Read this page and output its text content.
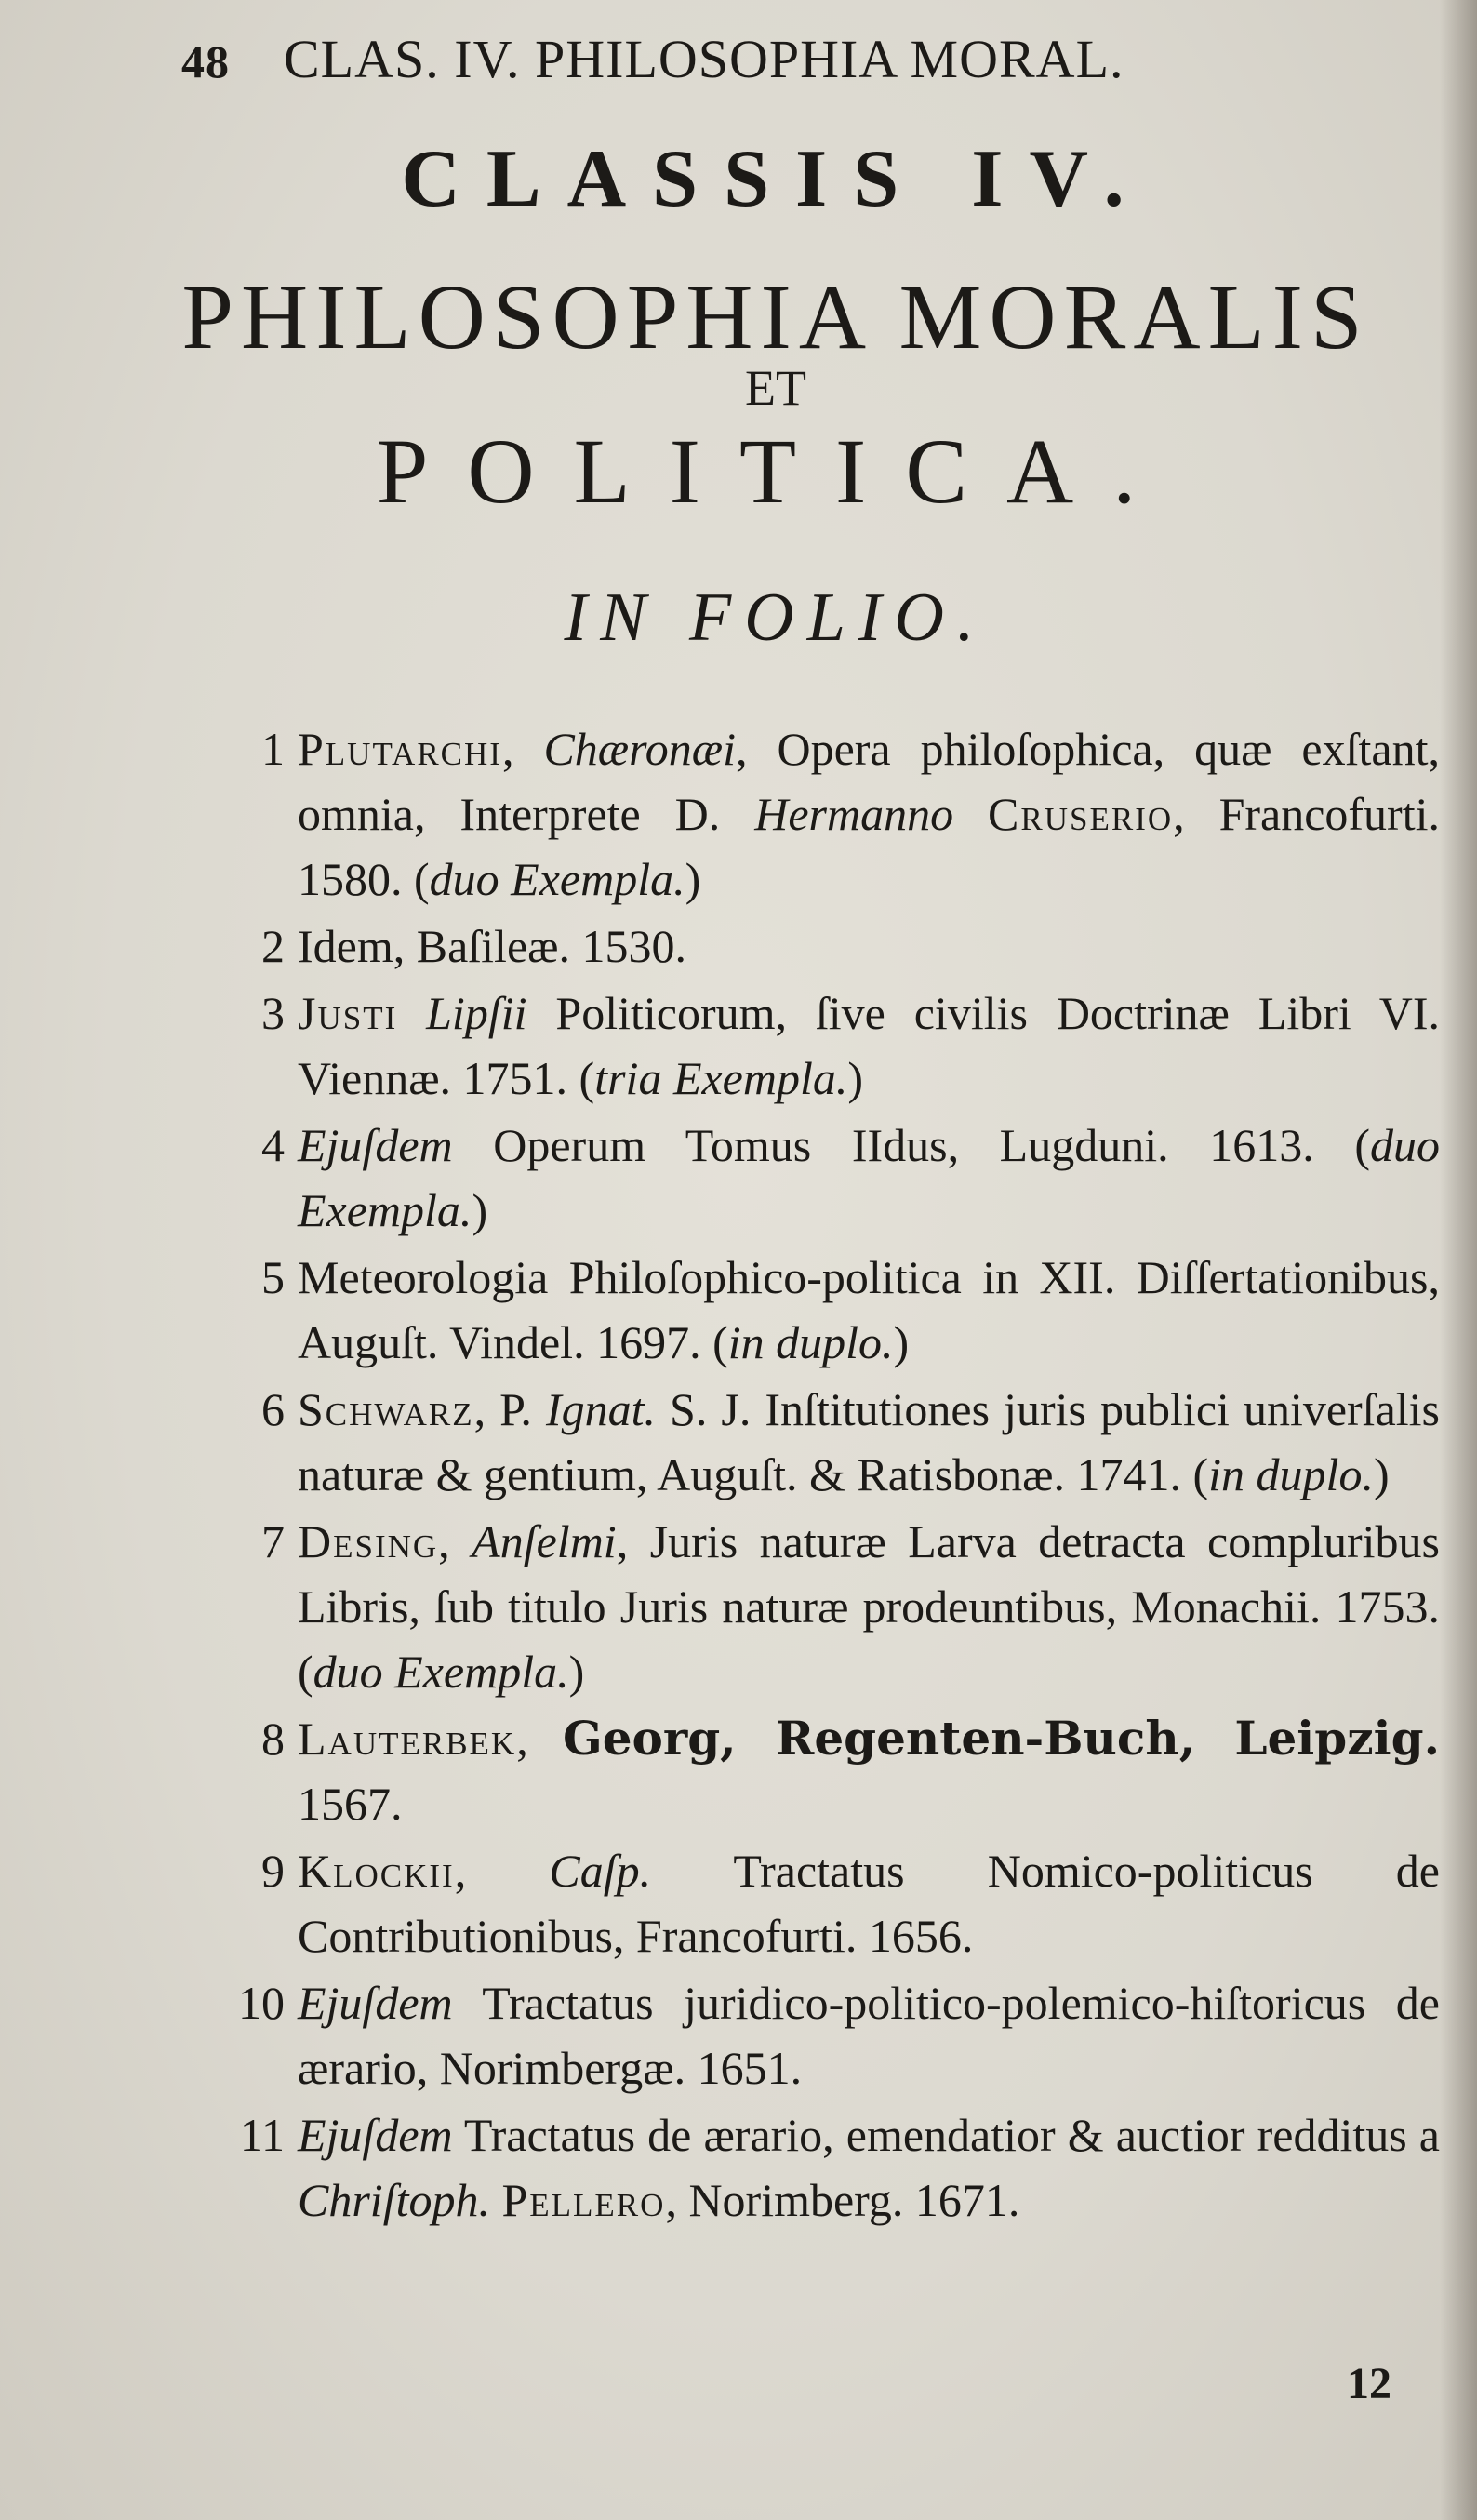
48	CLAS. IV. PHILOSOPHIA MORAL.
CLASSIS IV.
PHILOSOPHIA MORALIS
ET
POLITICA.
IN FOLIO.
1 Plutarchi, Chæronæi, Opera philoſophica, quæ exſtant, omnia, Interprete D. Hermanno Cruserio, Francofurti. 1580. (duo Exempla.)
2 Idem, Baſileæ. 1530.
3 Justi Lipſii Politicorum, ſive civilis Doctrinæ Libri VI. Viennæ. 1751. (tria Exempla.)
4 Ejuſdem Operum Tomus IIdus, Lugduni. 1613. (duo Exempla.)
5 Meteorologia Philoſophico-politica in XII. Diſſertationibus, Auguſt. Vindel. 1697. (in duplo.)
6 Schwarz, P. Ignat. S. J. Inſtitutiones juris publici univerſalis naturæ & gentium, Auguſt. & Ratisbonæ. 1741. (in duplo.)
7 Desing, Anſelmi, Juris naturæ Larva detracta compluribus Libris, ſub titulo Juris naturæ prodeuntibus, Monachii. 1753. (duo Exempla.)
8 Lauterbek, Georg, Regenten-Buch, Leipzig. 1567.
9 Klockii, Caſp. Tractatus Nomico-politicus de Contributionibus, Francofurti. 1656.
10 Ejuſdem Tractatus juridico-politico-polemico-hiſtoricus de ærario, Norimbergæ. 1651.
11 Ejuſdem Tractatus de ærario, emendatior & auctior redditus a Chriſtoph. Pellero, Norimberg. 1671.
12
